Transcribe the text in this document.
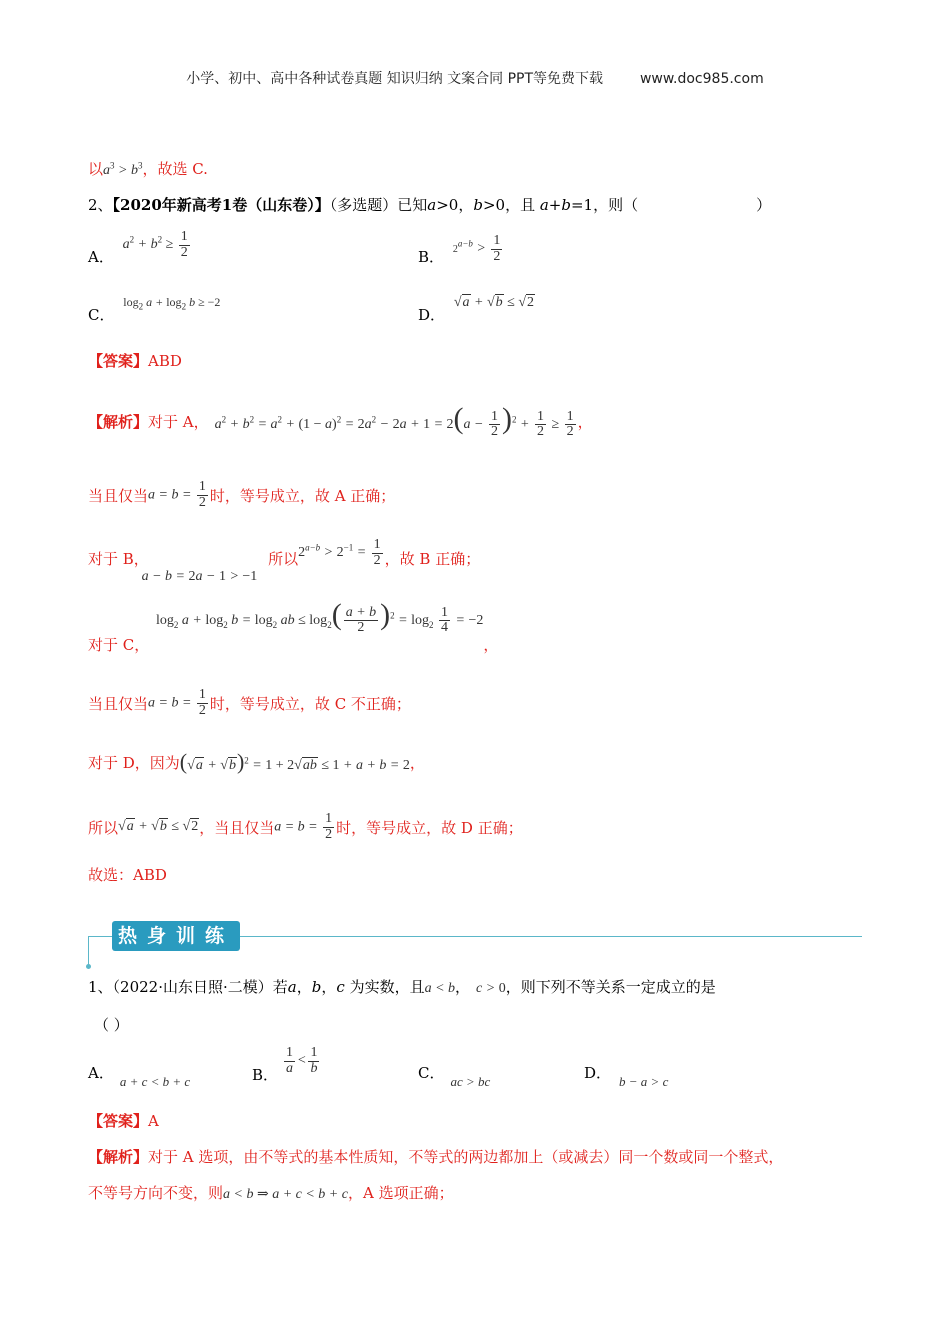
小学、初中、高中各种试卷真题 知识归纳 文案合同 PPT等免费下载	www.doc985.com
以$a^3 > b^3$，故选 C.
2、【2020年新高考1卷（山东卷）】（多选题）已知a>0，b>0，且 a+b=1，则（	）
A． $a^2 + b^2 \ge \frac{1}{2}$	B． $2^{a-b} > \frac{1}{2}$
C． $\log_2 a + \log_2 b \ge -2$
D． √a + √b ≤ √2
【答案】ABD
【解析】 对于 A， $a^2 + b^2 = a^2 + (1 - a)^2 = 2a^2 - 2a + 1 = 2(a - \frac{1}{2} )^2 + \frac{1}{2} \ge \frac{1}{2}$ ，
当且仅当 $a = b = \frac{1}{2}$ 时，等号成立，故 A 正确；
对于 B， a − b = 2a − 1 > −1 所以$2^{a-b} > 2^{-1} = \frac{1}{2}$ ，故 B 正确；
对于 C， $\log_2 a + \log_2 b = \log_2$ ab ≤ $\log_2( \frac{a + b}{2} )^2 = \log_2 \frac{1}{4} = -2$，
当且仅当 $a = b = \frac{1}{2}$ 时，等号成立，故 C 不正确；
对于 D，因为 $(√a + √b)^2 = 1 + 2√ab \le 1 + a + b = 2$ ，
所以 √a + √b ≤ √2 ，当且仅当 $a = b = \frac{1}{2}$ 时，等号成立，故 D 正确；
故选：ABD
热身训练
1、（2022·山东日照·二模）若a，b，c 为实数，且a < b， c > 0，则下列不等关系一定成立的是
（ ）
A． a + c < b + c	B． $\frac{1}{a} < \frac{1}{b}$	C． ac > bc	D． b − a > c
【答案】A
【解析】对于 A 选项，由不等式的基本性质知，不等式的两边都加上（或减去）同一个数或同一个整式，
不等号方向不变，则a < b ⇒ a + c < b + c，A 选项正确；
